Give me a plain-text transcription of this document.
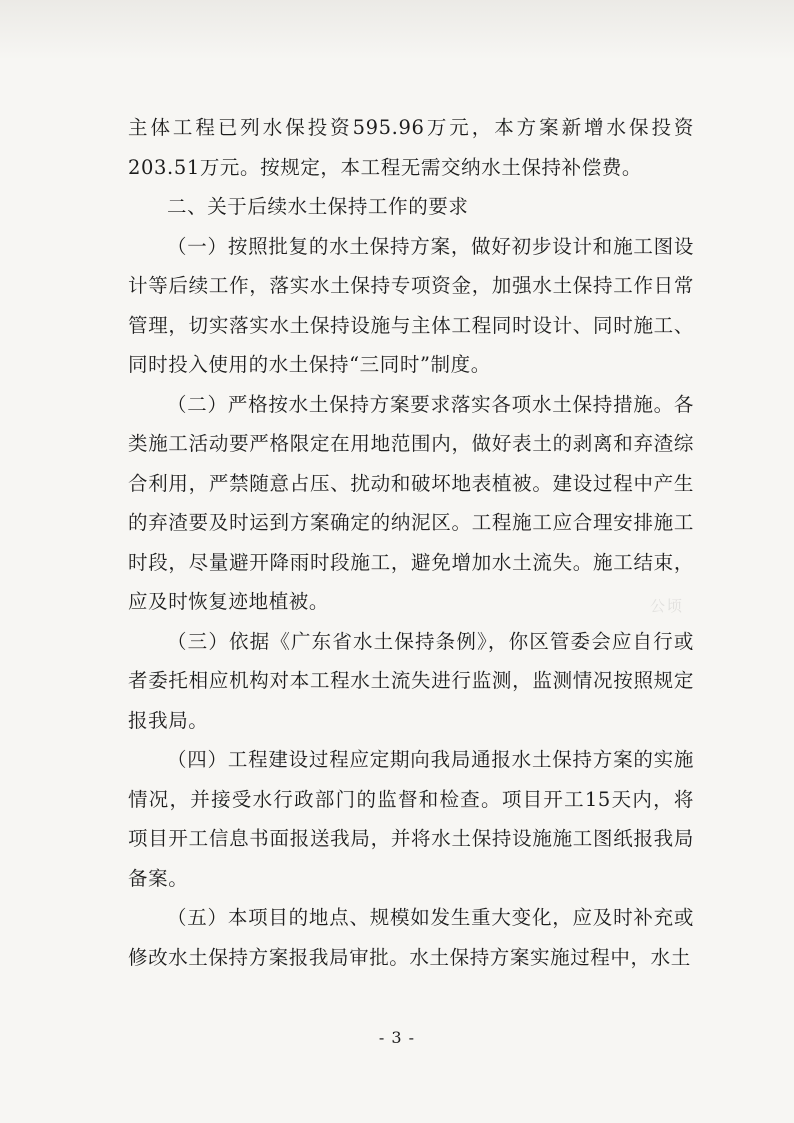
公顷

主体工程已列水保投资595.96万元，本方案新增水保投资203.51万元。按规定，本工程无需交纳水土保持补偿费。

二、关于后续水土保持工作的要求

（一）按照批复的水土保持方案，做好初步设计和施工图设计等后续工作，落实水土保持专项资金，加强水土保持工作日常管理，切实落实水土保持设施与主体工程同时设计、同时施工、同时投入使用的水土保持“三同时”制度。

（二）严格按水土保持方案要求落实各项水土保持措施。各类施工活动要严格限定在用地范围内，做好表土的剥离和弃渣综合利用，严禁随意占压、扰动和破坏地表植被。建设过程中产生的弃渣要及时运到方案确定的纳泥区。工程施工应合理安排施工时段，尽量避开降雨时段施工，避免增加水土流失。施工结束，应及时恢复迹地植被。

（三）依据《广东省水土保持条例》，你区管委会应自行或者委托相应机构对本工程水土流失进行监测，监测情况按照规定报我局。

（四）工程建设过程应定期向我局通报水土保持方案的实施情况，并接受水行政部门的监督和检查。项目开工15天内，将项目开工信息书面报送我局，并将水土保持设施施工图纸报我局备案。

（五）本项目的地点、规模如发生重大变化，应及时补充或修改水土保持方案报我局审批。水土保持方案实施过程中，水土

- 3 -
